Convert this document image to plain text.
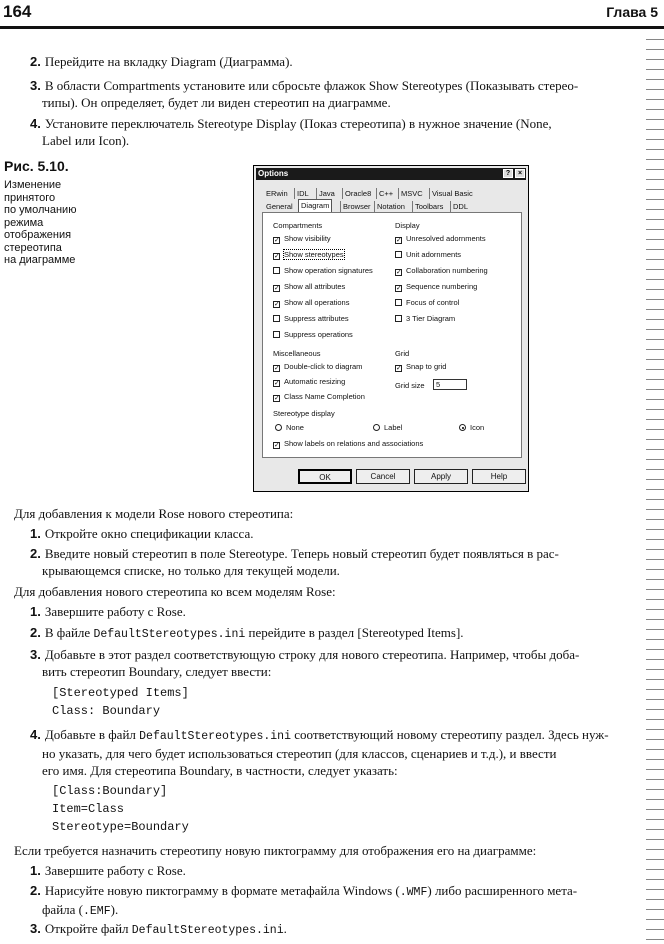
164	Глава 5
2. Перейдите на вкладку Diagram (Диаграмма).
3. В области Compartments установите или сбросьте флажок Show Stereotypes (Показывать стерео-
типы). Он определяет, будет ли виден стереотип на диаграмме.
4. Установите переключатель Stereotype Display (Показ стереотипа) в нужное значение (None,
Label или Icon).
Рис. 5.10.
Изменение
принятого
по умолчанию
режима
отображения
стереотипа
на диаграмме
Options	?	×
ERwin	IDL	Java	Oracle8	C++	MSVC	Visual Basic
General	Diagram	Browser Notation	Toolbars	DDL
Compartments
✓ Show visibility
✓ Show stereotypes
Show operation signatures
✓ Show all attributes
✓ Show all operations
Suppress attributes
Suppress operations
Display
✓ Unresolved adornments
Unit adornments
✓ Collaboration numbering
✓ Sequence numbering
Focus of control
3 Tier Diagram
Miscellaneous
✓ Double-click to diagram
✓ Automatic resizing
✓ Class Name Completion
Grid
✓ Snap to grid
Grid size	5
Stereotype display
None	Label	Icon
✓ Show labels on relations and associations
OK	Cancel	Apply	Help
Для добавления к модели Rose нового стереотипа:
1. Откройте окно спецификации класса.
2. Введите новый стереотип в поле Stereotype. Теперь новый стереотип будет появляться в рас-
крывающемся списке, но только для текущей модели.
Для добавления нового стереотипа ко всем моделям Rose:
1. Завершите работу с Rose.
2. В файле DefaultStereotypes.ini перейдите в раздел [Stereotyped Items].
3. Добавьте в этот раздел соответствующую строку для нового стереотипа. Например, чтобы доба-
вить стереотип Boundary, следует ввести:
[Stereotyped Items]
Class: Boundary
4. Добавьте в файл DefaultStereotypes.ini соответствующий новому стереотипу раздел. Здесь нуж-
но указать, для чего будет использоваться стереотип (для классов, сценариев и т.д.), и ввести
его имя. Для стереотипа Boundary, в частности, следует указать:
[Class:Boundary]
Item=Class
Stereotype=Boundary
Если требуется назначить стереотипу новую пиктограмму для отображения его на диаграмме:
1. Завершите работу с Rose.
2. Нарисуйте новую пиктограмму в формате метафайла Windows (.WMF) либо расширенного мета-
файла (.EMF).
3. Откройте файл DefaultStereotypes.ini.
